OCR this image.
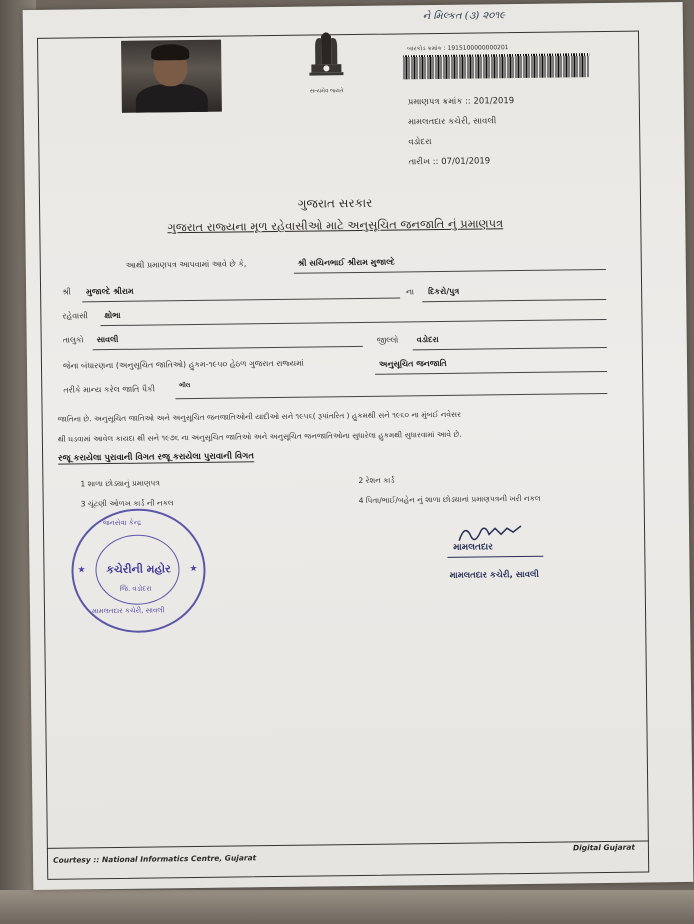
ને મિલ્કત (૩) ૨૦૧૯
સત્યમેવ જયતે
બારકોડ ક્રમાંક : 1915100000000201
પ્રમાણપત્ર ક્રમાંક :: 201/2019
મામલતદાર કચેરી, સાવલી
વડોદરા
તારીખ :: 07/01/2019
ગુજરાત સરકાર
ગુજરાત રાજ્યના મૂળ રહેવાસીઓ માટે અનુસૂચિત જનજાતિ નું પ્રમાણપત્ર
આથી પ્રમાણપત્ર આપવામાં આવે છે કે,	શ્રી સચિનભાઈ શ્રીરામ મુજાલ્દે
શ્રી મુજાલ્દે શ્રીરામ	ના દિકરો/પુત્ર
રહેવાસી ક્ષોભા
તાલુકો સાવલી	જીલ્લો વડોદરા
જેના બંધારણના (અનુસૂચિત જાતિઓ) હુકમ-૧૯૫૦ હેઠળ ગુજરાત રાજ્યમાં	અનુસૂચિત જનજાતિ
તરીકે માન્ય કરેલ જાતિ પૈકી	ભીલ
જાતિના છે. અનુસૂચિત જાતિઓ અને અનુસૂચિત જનજાતિઓની યાદીઓ સને ૧૯૫૬( રૂપાંતરિત ) હુકમથી સને ૧૯૬૦ ના મુંબઈ નવેસર
થી ઘડવામાં આવેલ કાયદા થી સને ૧૯૭૬ ના અનુસૂચિત જાતિઓ અને અનુસૂચિત જનજાતિઓના સુધારેલા હુકમથી સુધારવામાં આવે છે.
રજૂ કરાયેલા પુરાવાની વિગત રજૂ કરાયેલા પુરાવાની વિગત
1 શાળા છોડ્યાનું પ્રમાણપત્ર	2 રેશન કાર્ડ
3 ચૂંટણી ઓળખ કાર્ડ ની નકલ	4 પિતા/ભાઈ/બહેન નું શાળા છોડ્યાનાં પ્રમાણપત્રની ખરી નકલ
જનસેવા કેન્દ્ર
કચેરીની મહોર
જિ. વડોદરા
મામલતદાર કચેરી, સાવલી
★	★
મામલતદાર
મામલતદાર કચેરી, સાવલી
Courtesy :: National Informatics Centre, Gujarat
Digital Gujarat
